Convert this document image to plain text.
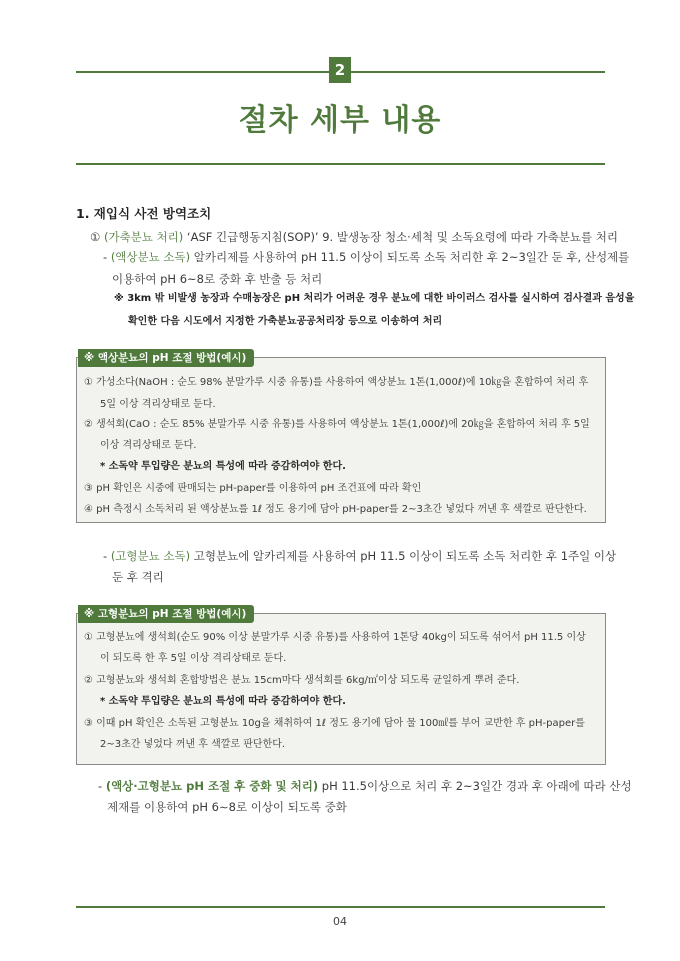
2
절차 세부 내용
1. 재입식 사전 방역조치
① (가축분뇨 처리) ‘ASF 긴급행동지침(SOP)’ 9. 발생농장 청소·세척 및 소독요령에 따라 가축분뇨를 처리
- (액상분뇨 소독) 알카리제를 사용하여 pH 11.5 이상이 되도록 소독 처리한 후 2~3일간 둔 후, 산성제를
이용하여 pH 6~8로 중화 후 반출 등 처리
※ 3km 밖 비발생 농장과 수매농장은 pH 처리가 어려운 경우 분뇨에 대한 바이러스 검사를 실시하여 검사결과 음성을
확인한 다음 시도에서 지정한 가축분뇨공공처리장 등으로 이송하여 처리
※ 액상분뇨의 pH 조절 방법(예시)
① 가성소다(NaOH : 순도 98% 분말가루 시중 유통)를 사용하여 액상분뇨 1톤(1,000ℓ)에 10㎏을 혼합하여 처리 후
5일 이상 격리상태로 둔다.
② 생석회(CaO : 순도 85% 분말가루 시중 유통)를 사용하여 액상분뇨 1톤(1,000ℓ)에 20㎏을 혼합하여 처리 후 5일
이상 격리상태로 둔다.
* 소독약 투입량은 분뇨의 특성에 따라 증감하여야 한다.
③ pH 확인은 시중에 판매되는 pH-paper를 이용하여 pH 조건표에 따라 확인
④ pH 측정시 소독처리 된 액상분뇨를 1ℓ 정도 용기에 담아 pH-paper를 2∼3초간 넣었다 꺼낸 후 색깔로 판단한다.
- (고형분뇨 소독) 고형분뇨에 알카리제를 사용하여 pH 11.5 이상이 되도록 소독 처리한 후 1주일 이상
둔 후 격리
※ 고형분뇨의 pH 조절 방법(예시)
① 고형분뇨에 생석회(순도 90% 이상 분말가루 시중 유통)를 사용하여 1톤당 40kg이 되도록 섞어서 pH 11.5 이상
이 되도록 한 후 5일 이상 격리상태로 둔다.
② 고형분뇨와 생석회 혼합방법은 분뇨 15cm마다 생석회를 6kg/㎡이상 되도록 균일하게 뿌려 준다.
* 소독약 투입량은 분뇨의 특성에 따라 증감하여야 한다.
③ 이때 pH 확인은 소독된 고형분뇨 10g을 채취하여 1ℓ 정도 용기에 담아 물 100㎖를 부어 교반한 후 pH-paper를
2~3초간 넣었다 꺼낸 후 색깔로 판단한다.
- (액상·고형분뇨 pH 조절 후 중화 및 처리) pH 11.5이상으로 처리 후 2~3일간 경과 후 아래에 따라 산성
제재를 이용하여 pH 6∼8로 이상이 되도록 중화
04
